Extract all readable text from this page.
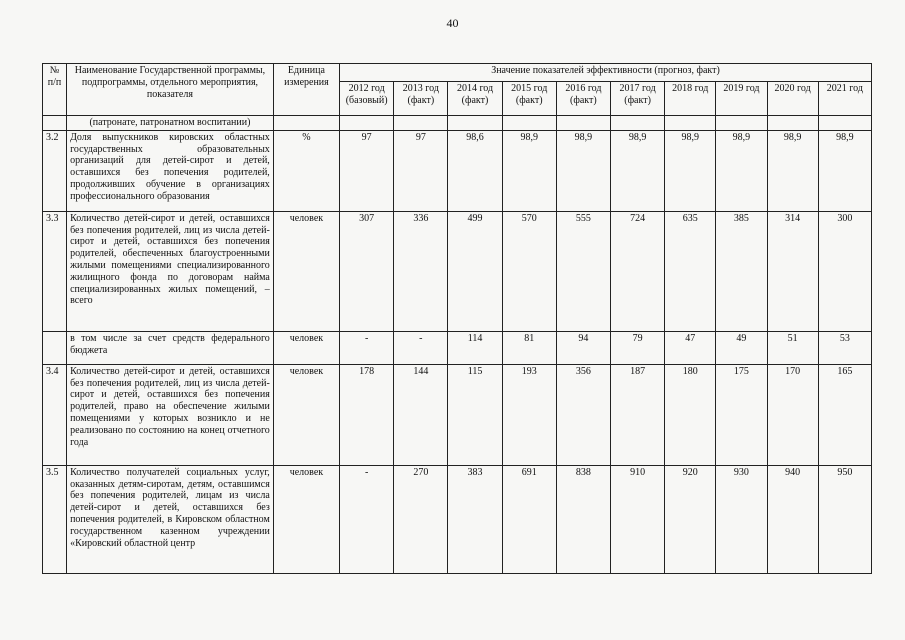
40
№ п/п	Наименование Государственной программы, подпрограммы, отдельного мероприятия, показателя	Единица измерения	Значение показателей эффективности (прогноз, факт)									
			2012 год (базовый)	2013 год (факт)	2014 год (факт)	2015 год (факт)	2016 год (факт)	2017 год (факт)	2018 год	2019 год	2020 год	2021 год
	(патронате, патронатном воспитании)											
3.2	Доля выпускников кировских областных государственных образовательных организаций для детей-сирот и детей, оставшихся без попечения родителей, продолживших обучение в организациях профессионального образования	%	97	97	98,6	98,9	98,9	98,9	98,9	98,9	98,9	98,9
3.3	Количество детей-сирот и детей, оставшихся без попечения родителей, лиц из числа детей-сирот и детей, оставшихся без попечения родителей, обеспеченных благоустроенными жилыми помещениями специализированного жилищного фонда по договорам найма специализированных жилых помещений, – всего	человек	307	336	499	570	555	724	635	385	314	300
	в том числе за счет средств федерального бюджета	человек	-	-	114	81	94	79	47	49	51	53
3.4	Количество детей-сирот и детей, оставшихся без попечения родителей, лиц из числа детей-сирот и детей, оставшихся без попечения родителей, право на обеспечение жилыми помещениями у которых возникло и не реализовано по состоянию на конец отчетного года	человек	178	144	115	193	356	187	180	175	170	165
3.5	Количество получателей социальных услуг, оказанных детям-сиротам, детям, оставшимся без попечения родителей, лицам из числа детей-сирот и детей, оставшихся без попечения родителей, в Кировском областном государственном казенном учреждении «Кировский областной центр	человек	-	270	383	691	838	910	920	930	940	950
